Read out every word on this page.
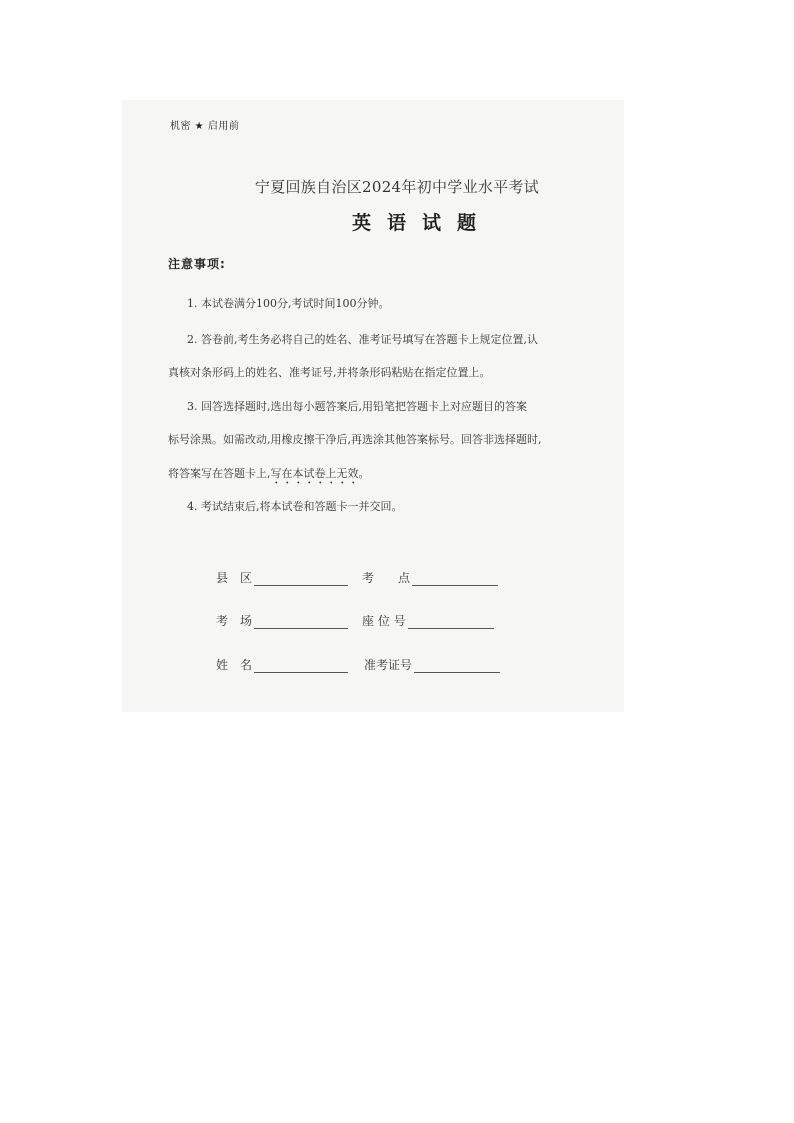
机密 ★ 启用前
宁夏回族自治区2024年初中学业水平考试
英语试题
注意事项:
1. 本试卷满分100分,考试时间100分钟。
2. 答卷前,考生务必将自己的姓名、准考证号填写在答题卡上规定位置,认
真核对条形码上的姓名、准考证号,并将条形码粘贴在指定位置上。
3. 回答选择题时,选出每小题答案后,用铅笔把答题卡上对应题目的答案
标号涂黑。如需改动,用橡皮擦干净后,再选涂其他答案标号。回答非选择题时,
将答案写在答题卡上,写在本试卷上无效。
4. 考试结束后,将本试卷和答题卡一并交回。
县　区	考　　点
考　场	座 位 号
姓　名	准考证号
